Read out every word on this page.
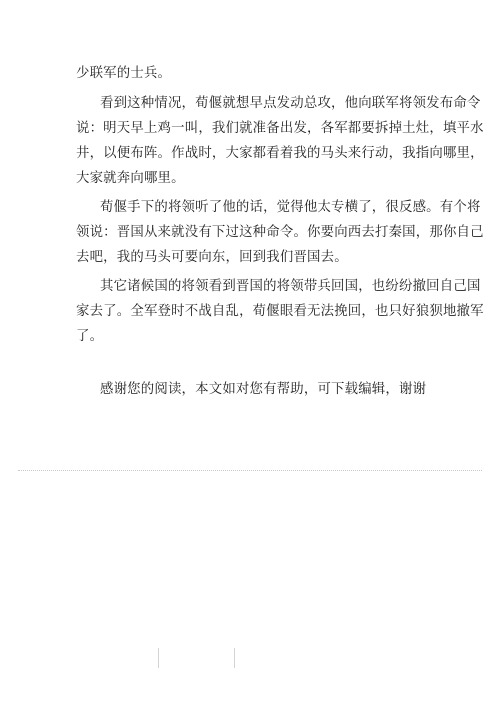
少联军的士兵。
看到这种情况，荀偃就想早点发动总攻，他向联军将领发布命令
说：明天早上鸡一叫，我们就准备出发，各军都要拆掉土灶，填平水
井，以便布阵。作战时，大家都看着我的马头来行动，我指向哪里，
大家就奔向哪里。
荀偃手下的将领听了他的话，觉得他太专横了，很反感。有个将
领说：晋国从来就没有下过这种命令。你要向西去打秦国，那你自己
去吧，我的马头可要向东，回到我们晋国去。
其它诸候国的将领看到晋国的将领带兵回国，也纷纷撤回自己国
家去了。全军登时不战自乱，荀偃眼看无法挽回，也只好狼狈地撤军
了。
感谢您的阅读，本文如对您有帮助，可下载编辑，谢谢
